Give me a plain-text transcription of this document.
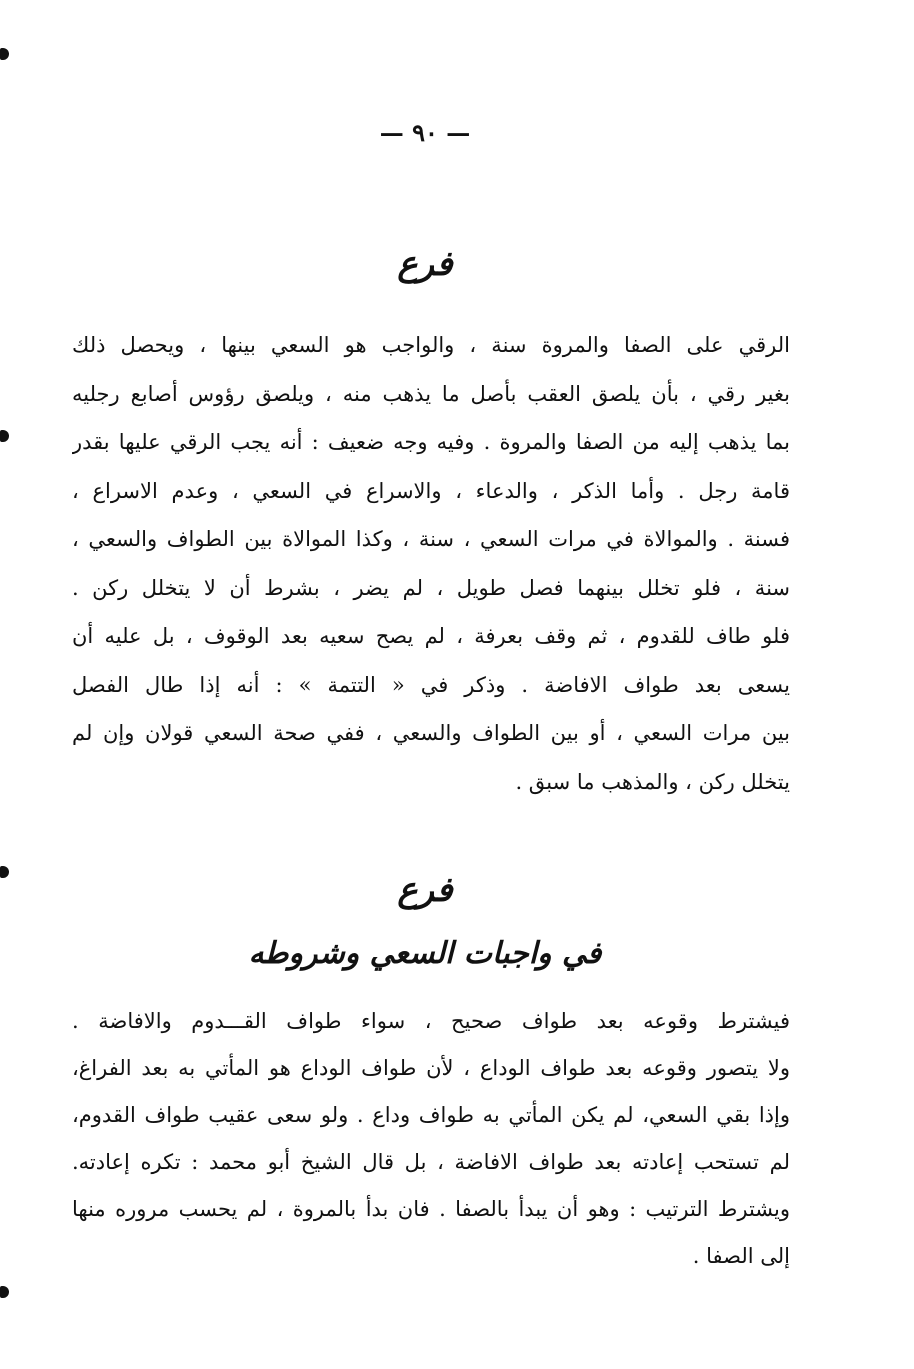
— ٩٠ —
فرع
الرقي على الصفا والمروة سنة ، والواجب هو السعي بينها ، ويحصل ذلك
بغير رقي ، بأن يلصق العقب بأصل ما يذهب منه ، ويلصق رؤوس أصابع رجليه
بما يذهب إليه من الصفا والمروة . وفيه وجه ضعيف : أنه يجب الرقي عليها بقدر
قامة رجل . وأما الذكر ، والدعاء ، والاسراع في السعي ، وعدم الاسراع ،
فسنة . والموالاة في مرات السعي ، سنة ، وكذا الموالاة بين الطواف والسعي ،
سنة ، فلو تخلل بينهما فصل طويل ، لم يضر ، بشرط أن لا يتخلل ركن .
فلو طاف للقدوم ، ثم وقف بعرفة ، لم يصح سعيه بعد الوقوف ، بل عليه أن
يسعى بعد طواف الافاضة . وذكر في « التتمة » : أنه إذا طال الفصل
بين مرات السعي ، أو بين الطواف والسعي ، ففي صحة السعي قولان وإن لم
يتخلل ركن ، والمذهب ما سبق .
فرع
في واجبات السعي وشروطه
فيشترط وقوعه بعد طواف صحيح ، سواء طواف القـــدوم والافاضة .
ولا يتصور وقوعه بعد طواف الوداع ، لأن طواف الوداع هو المأتي به بعد الفراغ،
وإذا بقي السعي، لم يكن المأتي به طواف وداع . ولو سعى عقيب طواف القدوم،
لم تستحب إعادته بعد طواف الافاضة ، بل قال الشيخ أبو محمد : تكره إعادته.
ويشترط الترتيب : وهو أن يبدأ بالصفا . فان بدأ بالمروة ، لم يحسب مروره منها
إلى الصفا .
